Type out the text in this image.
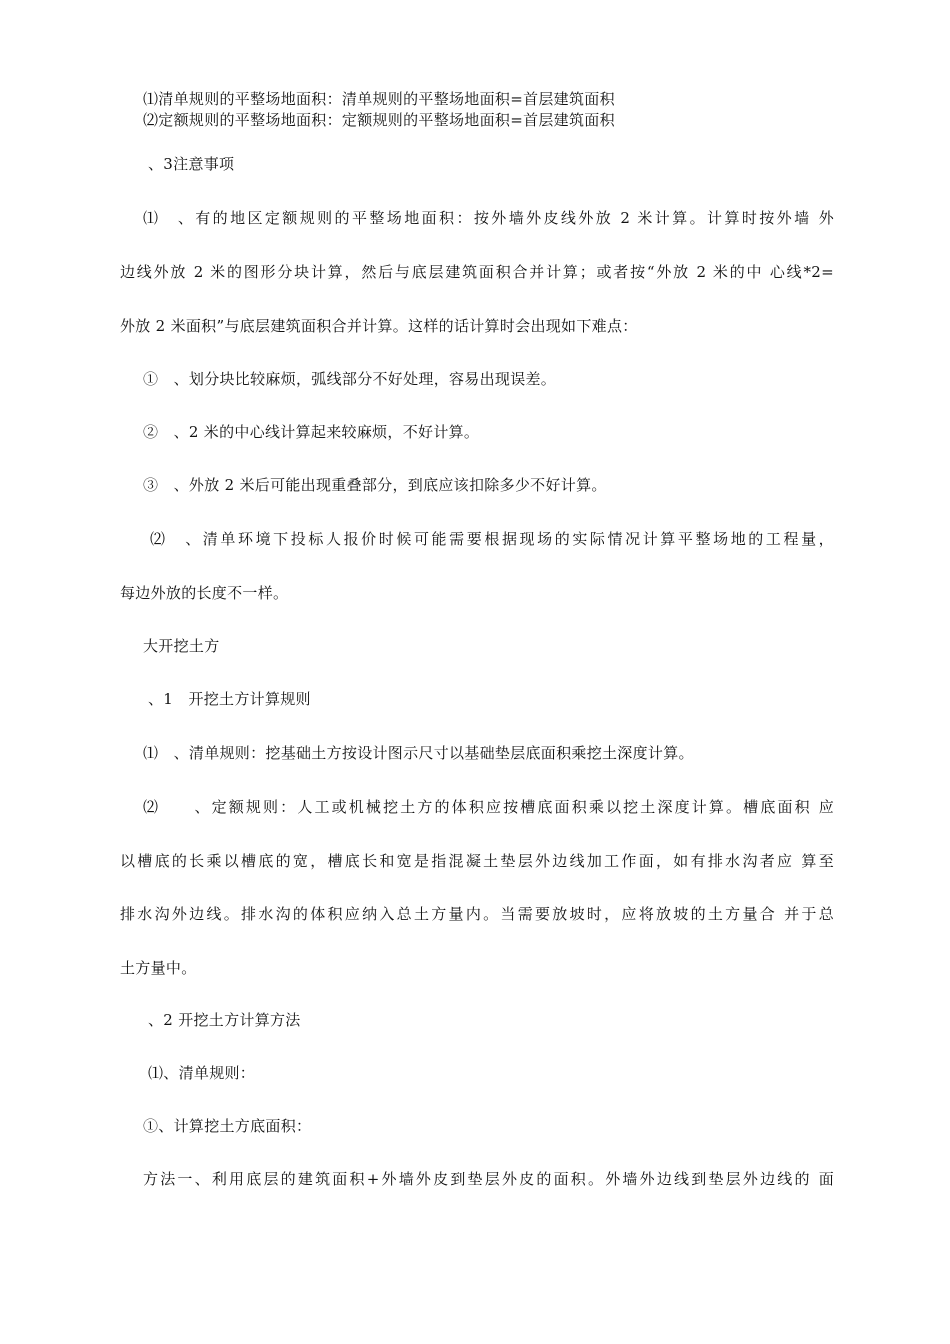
⑴清单规则的平整场地面积：清单规则的平整场地面积=首层建筑面积
⑵定额规则的平整场地面积：定额规则的平整场地面积=首层建筑面积
、3注意事项
⑴　、有的地区定额规则的平整场地面积：按外墙外皮线外放 2 米计算。计算时按外墙 外
边线外放 2 米的图形分块计算，然后与底层建筑面积合并计算；或者按“外放 2 米的中 心线*2=
外放 2 米面积”与底层建筑面积合并计算。这样的话计算时会出现如下难点：
①　、划分块比较麻烦，弧线部分不好处理，容易出现误差。
②　、2 米的中心线计算起来较麻烦，不好计算。
③　、外放 2 米后可能出现重叠部分，到底应该扣除多少不好计算。
⑵　、清单环境下投标人报价时候可能需要根据现场的实际情况计算平整场地的工程量，
每边外放的长度不一样。
大开挖土方
、1　开挖土方计算规则
⑴　、清单规则：挖基础土方按设计图示尺寸以基础垫层底面积乘挖土深度计算。
⑵　　、定额规则：人工或机械挖土方的体积应按槽底面积乘以挖土深度计算。槽底面积 应
以槽底的长乘以槽底的宽，槽底长和宽是指混凝土垫层外边线加工作面，如有排水沟者应 算至
排水沟外边线。排水沟的体积应纳入总土方量内。当需要放坡时，应将放坡的土方量合 并于总
土方量中。
、2 开挖土方计算方法
⑴、清单规则：
①、计算挖土方底面积：
方法一、利用底层的建筑面积+外墙外皮到垫层外皮的面积。外墙外边线到垫层外边线的 面
